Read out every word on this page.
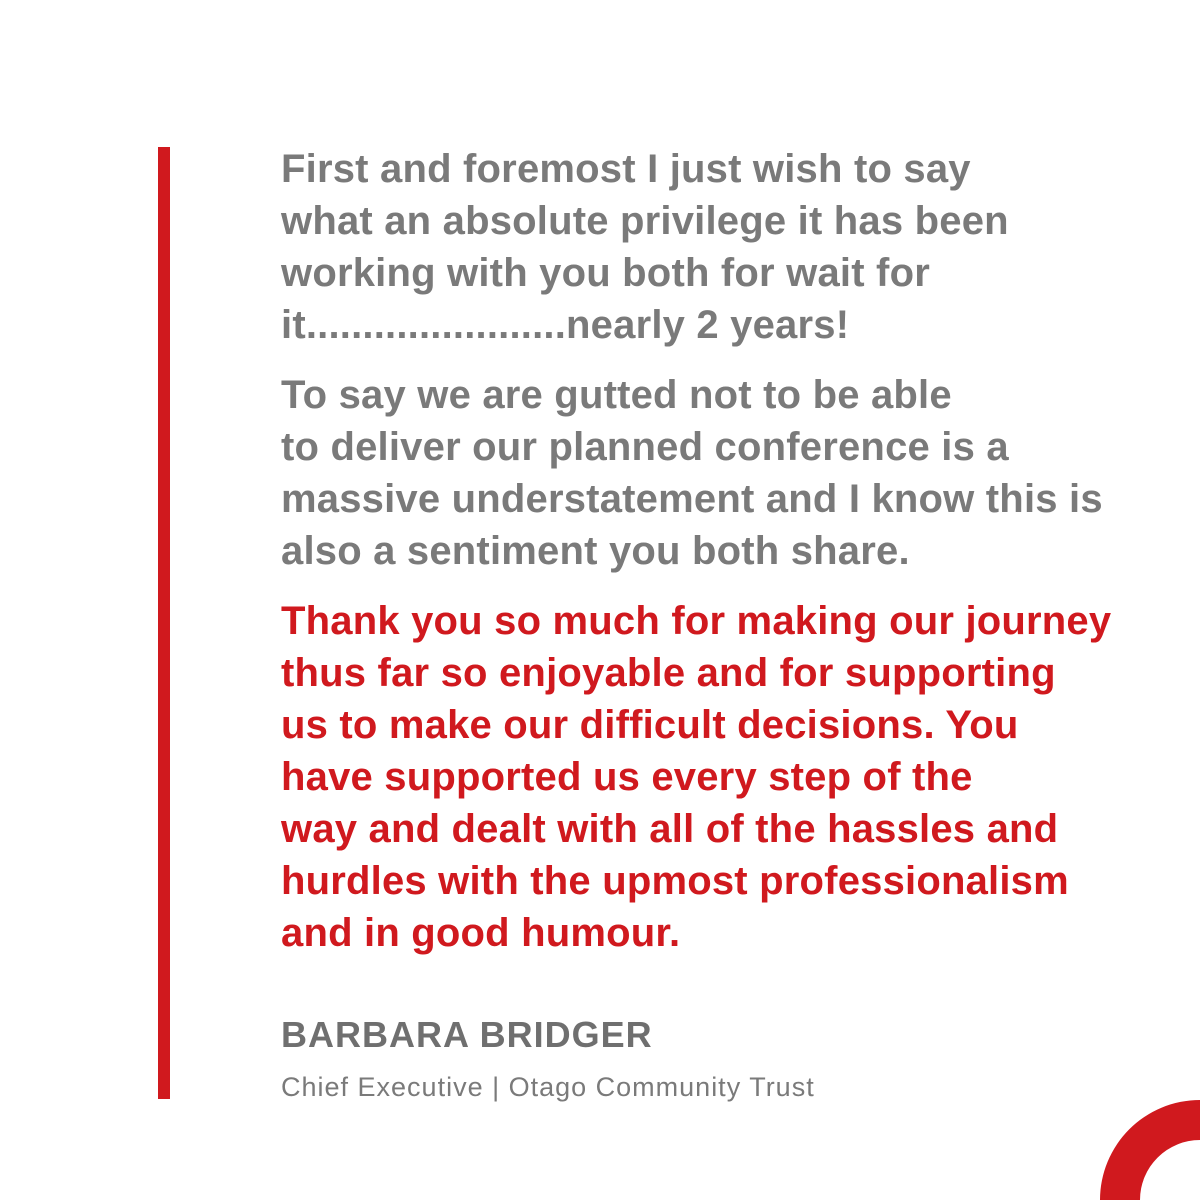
First and foremost I just wish to say
what an absolute privilege it has been
working with you both for wait for
it.......................nearly 2 years!

To say we are gutted not to be able
to deliver our planned conference is a
massive understatement and I know this is
also a sentiment you both share.

Thank you so much for making our journey
thus far so enjoyable and for supporting
us to make our difficult decisions. You
have supported us every step of the
way and dealt with all of the hassles and
hurdles with the upmost professionalism
and in good humour.

BARBARA BRIDGER
Chief Executive | Otago Community Trust
